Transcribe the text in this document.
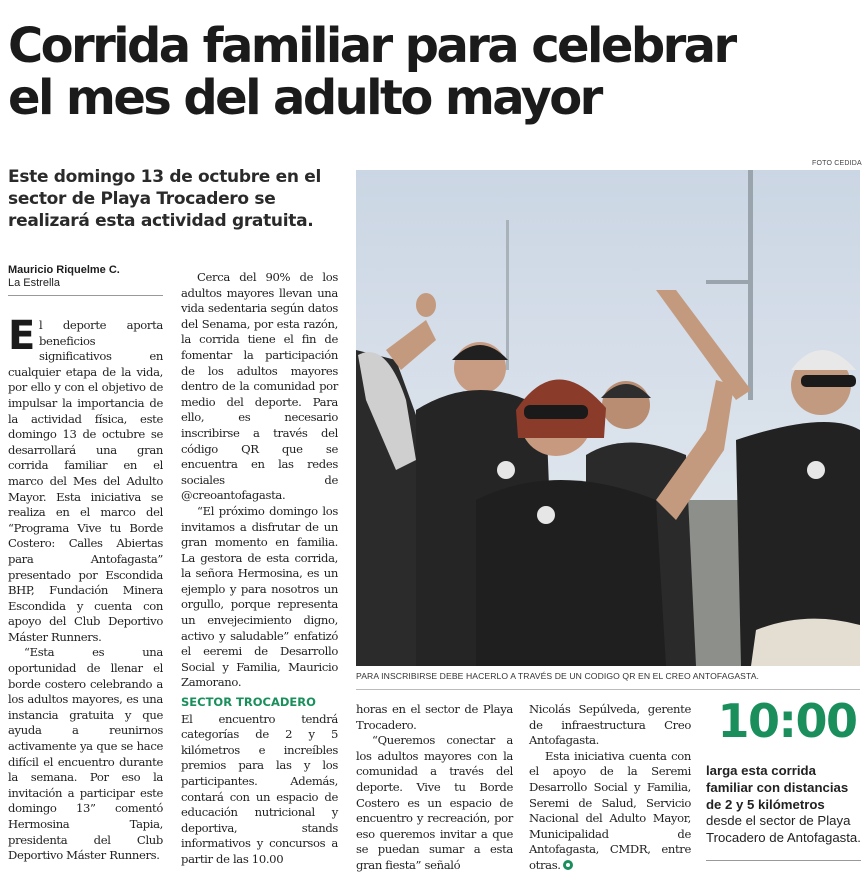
Corrida familiar para celebrar
el mes del adulto mayor
Este domingo 13 de octubre en el sector de Playa Trocadero se realizará esta actividad gratuita.
Mauricio Riquelme C.
La Estrella

El deporte aporta beneficios significativos en cualquier etapa de la vida, por ello y con el objetivo de impulsar la importancia de la actividad física, este domingo 13 de octubre se desarrollará una gran corrida familiar en el marco del Mes del Adulto Mayor. Esta iniciativa se realiza en el marco del “Programa Vive tu Borde Costero: Calles Abiertas para Antofagasta” presentado por Escondida BHP, Fundación Minera Escondida y cuenta con apoyo del Club Deportivo Máster Runners.

“Esta es una oportunidad de llenar el borde costero celebrando a los adultos mayores, es una instancia gratuita y que ayuda a reunirnos activamente ya que se hace difícil el encuentro durante la semana. Por eso la invitación a participar este domingo 13” comentó Hermosina Tapia, presidenta del Club Deportivo Máster Runners.

Cerca del 90% de los adultos mayores llevan una vida sedentaria según datos del Senama, por esta razón, la corrida tiene el fin de fomentar la participación de los adultos mayores dentro de la comunidad por medio del deporte. Para ello, es necesario inscribirse a través del código QR que se encuentra en las redes sociales de @creoantofagasta.

“El próximo domingo los invitamos a disfrutar de un gran momento en familia. La gestora de esta corrida, la señora Hermosina, es un ejemplo y para nosotros un orgullo, porque representa un envejecimiento digno, activo y saludable” enfatizó el eeremi de Desarrollo Social y Familia, Mauricio Zamorano.

SECTOR TROCADERO

El encuentro tendrá categorías de 2 y 5 kilómetros e increíbles premios para las y los participantes. Además, contará con un espacio de educación nutricional y deportiva, stands informativos y concursos a partir de las 10.00

FOTO CEDIDA
PARA INSCRIBIRSE DEBE HACERLO A TRAVÉS DE UN CODIGO QR EN EL CREO ANTOFAGASTA.

horas en el sector de Playa Trocadero.

“Queremos conectar a los adultos mayores con la comunidad a través del deporte. Vive tu Borde Costero es un espacio de encuentro y recreación, por eso queremos invitar a que se puedan sumar a esta gran fiesta” señaló

Nicolás Sepúlveda, gerente de infraestructura Creo Antofagasta.

Esta iniciativa cuenta con el apoyo de la Seremi Desarrollo Social y Familia, Seremi de Salud, Servicio Nacional del Adulto Mayor, Municipalidad de Antofagasta, CMDR, entre otras.

10:00
larga esta corrida familiar con distancias de 2 y 5 kilómetros desde el sector de Playa Trocadero de Antofagasta.
